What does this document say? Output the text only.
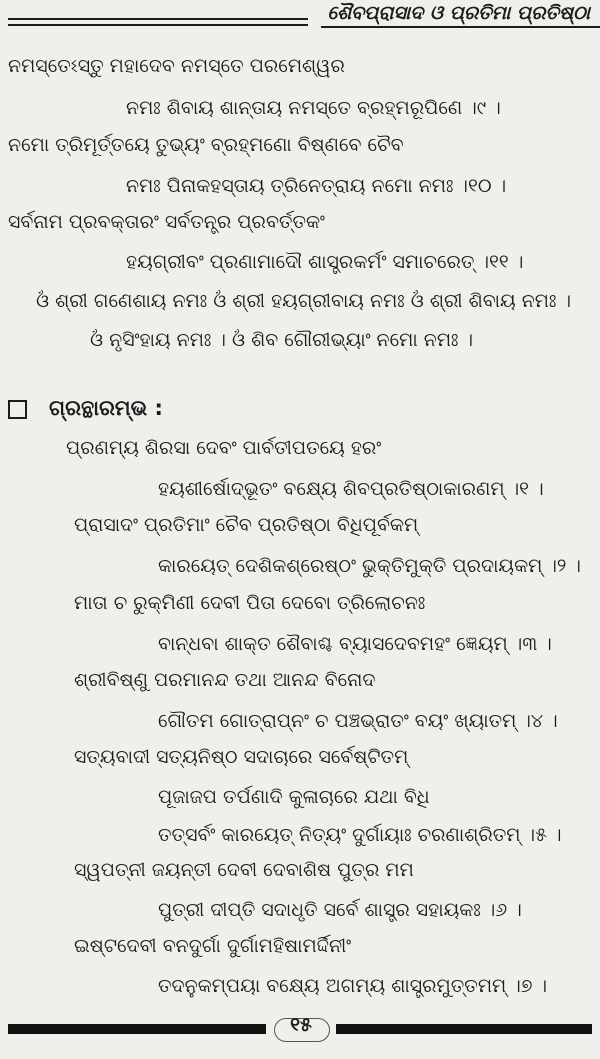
ଶୈବପ୍ରାସାଦ ଓ ପ୍ରତିମା ପ୍ରତିଷ୍ଠା
ନମସ୍ତେଽସ୍ତୁ ମହାଦେବ ନମସ୍ତେ ପରମେଶ୍ୱର
ନମଃ ଶିବାୟ ଶାନ୍ତାୟ ନମସ୍ତେ ବ୍ରହ୍ମରୂପିଣେ ।୯ ।
ନମୋ ତ୍ରିମୂର୍ତ୍ତୟେ ତୁଭ୍ୟଂ ବ୍ରହ୍ମଣୋ ବିଷ୍ଣବେ ଚୈବ
ନମଃ ପିନାକହସ୍ତାୟ ତ୍ରିନେତ୍ରାୟ ନମୋ ନମଃ ।୧୦ ।
ସର୍ବନାମ ପ୍ରବକ୍ତାରଂ ସର୍ବତନ୍ତ୍ର ପ୍ରବର୍ତ୍ତକଂ
ହୟଗ୍ରୀବଂ ପ୍ରଣାମାଦୌ ଶାସ୍ତ୍ରକର୍ମଂ ସମାଚରେତ୍ ।୧୧ ।
ଓଁ ଶ୍ରୀ ଗଣେଶାୟ ନମଃ ଓଁ ଶ୍ରୀ ହୟଗ୍ରୀବାୟ ନମଃ ଓଁ ଶ୍ରୀ ଶିବାୟ ନମଃ ।
ଓଁ ନୃସିଂହାୟ ନମଃ । ଓଁ ଶିବ ଗୌରୀଭ୍ୟାଂ ନମୋ ନମଃ ।
ଗ୍ରନ୍ଥାରମ୍ଭ :
ପ୍ରଣମ୍ୟ ଶିରସା ଦେବଂ ପାର୍ବତୀପତୟେ ହରଂ
ହୟଶୀର୍ଷୋଦ୍ଭୂତଂ ବକ୍ଷ୍ୟେ ଶିବପ୍ରତିଷ୍ଠାକାରଣମ୍ ।୧ ।
ପ୍ରାସାଦଂ ପ୍ରତିମାଂ ଚୈବ ପ୍ରତିଷ୍ଠା ବିଧିପୂର୍ବକମ୍
କାରୟେତ୍ ଦେଶିକଶ୍ରେଷ୍ଠଂ ଭୁକ୍ତିମୁକ୍ତି ପ୍ରଦାୟକମ୍ ।୨ ।
ମାତା ଚ ରୁକ୍ମିଣୀ ଦେବୀ ପିତା ଦେବୋ ତ୍ରିଲୋଚନଃ
ବାନ୍ଧବା ଶାକ୍ତ ଶୈବାଶ୍ଚ ବ୍ୟାସଦେବମହଂ ଜ୍ଞେୟମ୍ ।୩ ।
ଶ୍ରୀବିଷ୍ଣୁ ପରମାନନ୍ଦ ତଥା ଆନନ୍ଦ ବିନୋଦ
ଗୌତମ ଗୋତ୍ରାପ୍ନଂ ଚ ପଞ୍ଚଭ୍ରାତଂ ବୟଂ ଖ୍ୟାତମ୍ ।୪ ।
ସତ୍ୟବାଦୀ ସତ୍ୟନିଷ୍ଠ ସଦାଚାରେ ସର୍ବେଷ୍ଟିତମ୍
ପୂଜାଜପ ତର୍ପଣାଦି କୁଳାଚାରେ ଯଥା ବିଧି
ତତ୍ସର୍ବଂ କାରୟେତ୍ ନିତ୍ୟଂ ଦୁର୍ଗାୟାଃ ଚରଣାଶ୍ରିତମ୍ ।୫ ।
ସ୍ୱପତ୍ନୀ ଜୟନ୍ତୀ ଦେବୀ ଦେବାଶିଷ ପୁତ୍ର ମମ
ପୁତ୍ରୀ ଦୀପ୍ତି ସଦାଧୃତି ସର୍ବେ ଶାସ୍ତ୍ର ସହାୟକଃ ।୬ ।
ଇଷ୍ଟଦେବୀ ବନଦୁର୍ଗା ଦୁର୍ଗାମହିଷାମର୍ଦ୍ଦିନୀଂ
ତଦନୁକମ୍ପୟା ବକ୍ଷ୍ୟେ ଅଗମ୍ୟ ଶାସ୍ତ୍ରମୁତ୍ତମମ୍ ।୭ ।
୧୫
